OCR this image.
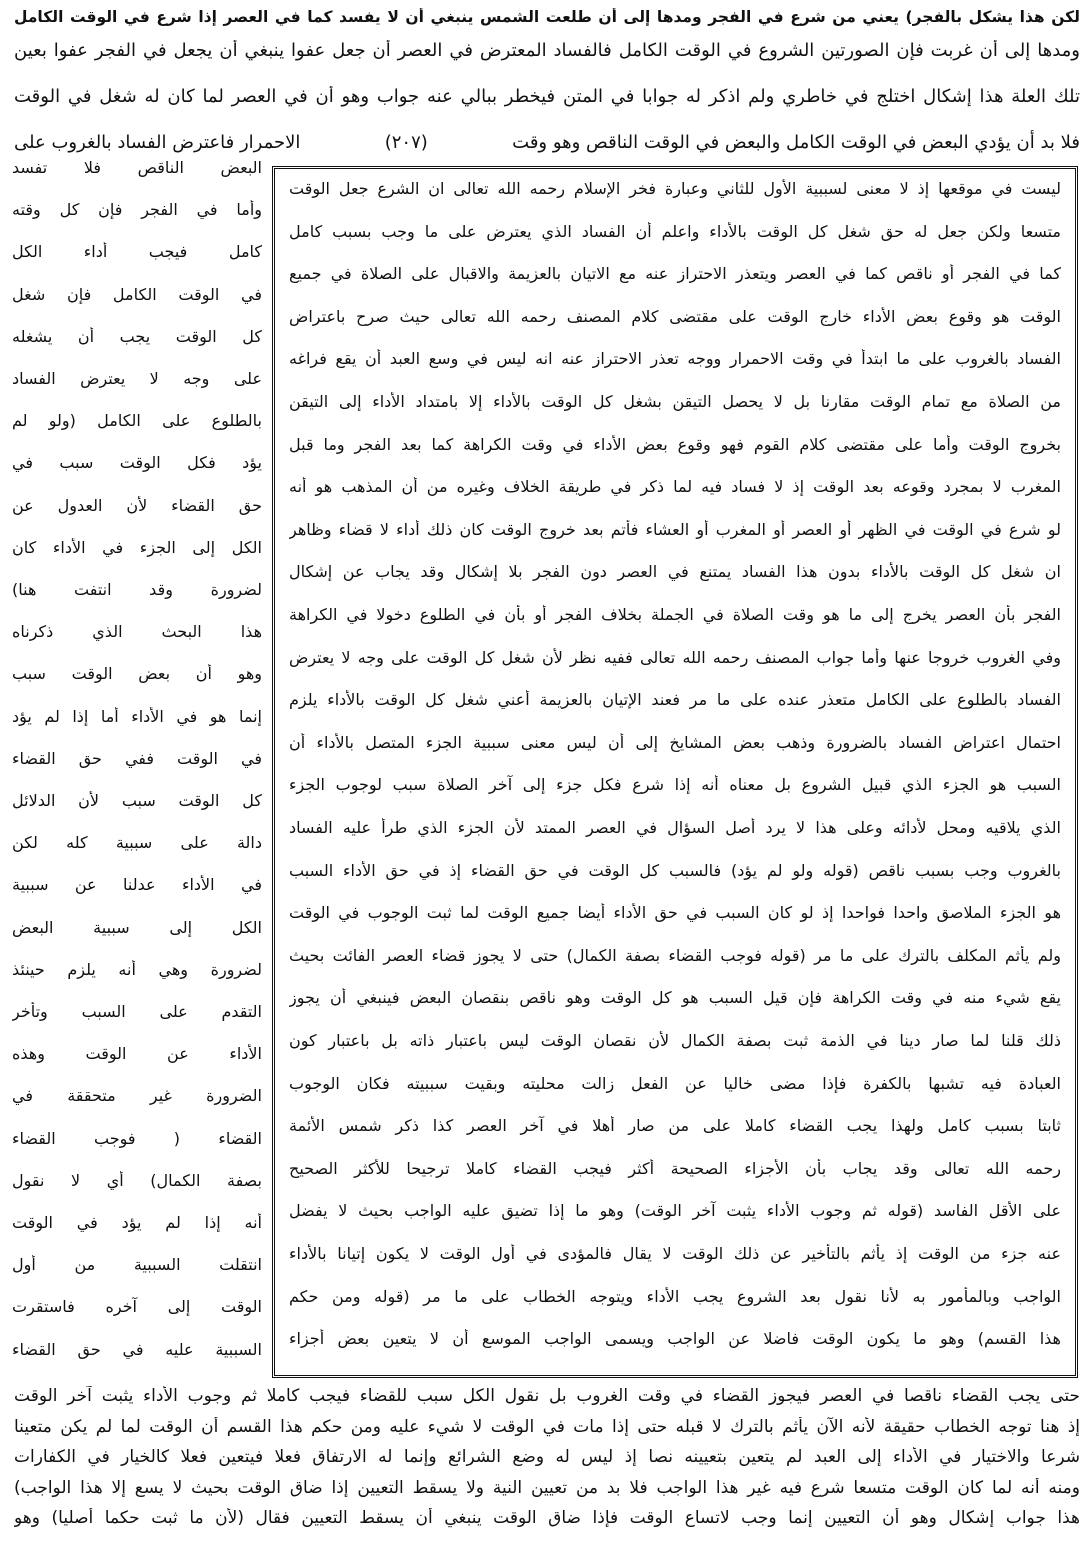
لكن هذا يشكل بالفجر) يعني من شرع في الفجر ومدها إلى أن طلعت الشمس ينبغي أن لا يفسد كما في العصر إذا شرع في الوقت الكامل
ومدها إلى أن غربت فإن الصورتين الشروع في الوقت الكامل فالفساد المعترض في العصر أن جعل عفوا ينبغي أن يجعل في الفجر عفوا بعين
تلك العلة هذا إشكال اختلج في خاطري ولم اذكر له جوابا في المتن فيخطر ببالي عنه جواب وهو أن في العصر لما كان له شغل في الوقت
فلا بد أن يؤدي البعض في الوقت الكامل والبعض في الوقت الناقص وهو وقت
(٢٠٧)
الاحمرار فاعترض الفساد بالغروب على
البعض الناقص فلا تفسد
وأما في الفجر فإن كل وقته
كامل فيجب أداء الكل
في الوقت الكامل فإن شغل
كل الوقت يجب أن يشغله
على وجه لا يعترض الفساد
بالطلوع على الكامل (ولو لم
يؤد فكل الوقت سبب في
حق القضاء لأن العدول عن
الكل إلى الجزء في الأداء كان
لضرورة وقد انتفت هنا)
هذا البحث الذي ذكرناه
وهو أن بعض الوقت سبب
إنما هو في الأداء أما إذا لم يؤد
في الوقت ففي حق القضاء
كل الوقت سبب لأن الدلائل
دالة على سببية كله لكن
في الأداء عدلنا عن سببية
الكل إلى سببية البعض
لضرورة وهي أنه يلزم حينئذ
التقدم على السبب وتأخر
الأداء عن الوقت وهذه
الضرورة غير متحققة في
القضاء ( فوجب القضاء
بصفة الكمال) أي لا نقول
أنه إذا لم يؤد في الوقت
انتقلت السببية من أول
الوقت إلى آخره فاستقرت
السببية عليه في حق القضاء
ليست في موقعها إذ لا معنى لسببية الأول للثاني وعبارة فخر الإسلام رحمه الله تعالى ان الشرع جعل الوقت
متسعا ولكن جعل له حق شغل كل الوقت بالأداء واعلم أن الفساد الذي يعترض على ما وجب بسبب كامل
كما في الفجر أو ناقص كما في العصر ويتعذر الاحتراز عنه مع الاتيان بالعزيمة والاقبال على الصلاة في جميع
الوقت هو وقوع بعض الأداء خارج الوقت على مقتضى كلام المصنف رحمه الله تعالى حيث صرح باعتراض
الفساد بالغروب على ما ابتدأ في وقت الاحمرار ووجه تعذر الاحتراز عنه انه ليس في وسع العبد أن يقع فراغه
من الصلاة مع تمام الوقت مقارنا بل لا يحصل التيقن بشغل كل الوقت بالأداء إلا بامتداد الأداء إلى التيقن
بخروج الوقت وأما على مقتضى كلام القوم فهو وقوع بعض الأداء في وقت الكراهة كما بعد الفجر وما قبل
المغرب لا بمجرد وقوعه بعد الوقت إذ لا فساد فيه لما ذكر في طريقة الخلاف وغيره من أن المذهب هو أنه
لو شرع في الوقت في الظهر أو العصر أو المغرب أو العشاء فأتم بعد خروج الوقت كان ذلك أداء لا قضاء وظاهر
ان شغل كل الوقت بالأداء بدون هذا الفساد يمتنع في العصر دون الفجر بلا إشكال وقد يجاب عن إشكال
الفجر بأن العصر يخرج إلى ما هو وقت الصلاة في الجملة بخلاف الفجر أو بأن في الطلوع دخولا في الكراهة
وفي الغروب خروجا عنها وأما جواب المصنف رحمه الله تعالى ففيه نظر لأن شغل كل الوقت على وجه لا يعترض
الفساد بالطلوع على الكامل متعذر عنده على ما مر فعند الإتيان بالعزيمة أعني شغل كل الوقت بالأداء يلزم
احتمال اعتراض الفساد بالضرورة وذهب بعض المشايخ إلى أن ليس معنى سببية الجزء المتصل بالأداء أن
السبب هو الجزء الذي قبيل الشروع بل معناه أنه إذا شرع فكل جزء إلى آخر الصلاة سبب لوجوب الجزء
الذي يلاقيه ومحل لأدائه وعلى هذا لا يرد أصل السؤال في العصر الممتد لأن الجزء الذي طرأ عليه الفساد
بالغروب وجب بسبب ناقص (قوله ولو لم يؤد) فالسبب كل الوقت في حق القضاء إذ في حق الأداء السبب
هو الجزء الملاصق واحدا فواحدا إذ لو كان السبب في حق الأداء أيضا جميع الوقت لما ثبت الوجوب في الوقت
ولم يأثم المكلف بالترك على ما مر (قوله فوجب القضاء بصفة الكمال) حتى لا يجوز قضاء العصر الفائت بحيث
يقع شيء منه في وقت الكراهة فإن قيل السبب هو كل الوقت وهو ناقص بنقصان البعض فينبغي أن يجوز
ذلك قلنا لما صار دينا في الذمة ثبت بصفة الكمال لأن نقصان الوقت ليس باعتبار ذاته بل باعتبار كون
العبادة فيه تشبها بالكفرة فإذا مضى خاليا عن الفعل زالت محليته وبقيت سببيته فكان الوجوب
ثابتا بسبب كامل ولهذا يجب القضاء كاملا على من صار أهلا في آخر العصر كذا ذكر شمس الأئمة
رحمه الله تعالى وقد يجاب بأن الأجزاء الصحيحة أكثر فيجب القضاء كاملا ترجيحا للأكثر الصحيح
على الأقل الفاسد (قوله ثم وجوب الأداء يثبت آخر الوقت) وهو ما إذا تضيق عليه الواجب بحيث لا يفضل
عنه جزء من الوقت إذ يأثم بالتأخير عن ذلك الوقت لا يقال فالمؤدى في أول الوقت لا يكون إتيانا بالأداء
الواجب وبالمأمور به لأنا نقول بعد الشروع يجب الأداء ويتوجه الخطاب على ما مر (قوله ومن حكم
هذا القسم) وهو ما يكون الوقت فاضلا عن الواجب ويسمى الواجب الموسع أن لا يتعين بعض أجزاء
حتى يجب القضاء ناقصا في العصر فيجوز القضاء في وقت الغروب بل نقول الكل سبب للقضاء فيجب كاملا ثم وجوب الأداء يثبت آخر الوقت
إذ هنا توجه الخطاب حقيقة لأنه الآن يأثم بالترك لا قبله حتى إذا مات في الوقت لا شيء عليه ومن حكم هذا القسم أن الوقت لما لم يكن متعينا
شرعا والاختيار في الأداء إلى العبد لم يتعين بتعيينه نصا إذ ليس له وضع الشرائع وإنما له الارتفاق فعلا فيتعين فعلا كالخيار في الكفارات
ومنه أنه لما كان الوقت متسعا شرع فيه غير هذا الواجب فلا بد من تعيين النية ولا يسقط التعيين إذا ضاق الوقت بحيث لا يسع إلا هذا الواجب)
هذا جواب إشكال وهو أن التعيين إنما وجب لاتساع الوقت فإذا ضاق الوقت ينبغي أن يسقط التعيين فقال (لأن ما ثبت حكما أصليا) وهو
